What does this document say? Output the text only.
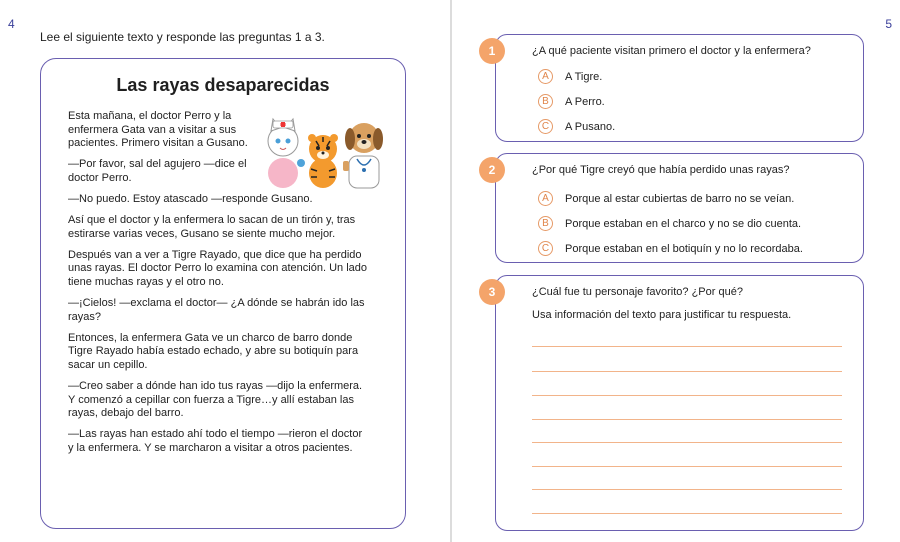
4
Lee el siguiente texto y responde las preguntas 1 a 3.
Las rayas desaparecidas

Esta mañana, el doctor Perro y la enfermera Gata van a visitar a sus pacientes. Primero visitan a Gusano.

—Por favor, sal del agujero —dice el doctor Perro.

—No puedo. Estoy atascado —responde Gusano.

Así que el doctor y la enfermera lo sacan de un tirón y, tras estirarse varias veces, Gusano se siente mucho mejor.

Después van a ver a Tigre Rayado, que dice que ha perdido unas rayas. El doctor Perro lo examina con atención. Un lado tiene muchas rayas y el otro no.

—¡Cielos! —exclama el doctor— ¿A dónde se habrán ido las rayas?

Entonces, la enfermera Gata ve un charco de barro donde Tigre Rayado había estado echado, y abre su botiquín para sacar un cepillo.

—Creo saber a dónde han ido tus rayas —dijo la enfermera. Y comenzó a cepillar con fuerza a Tigre…y allí estaban las rayas, debajo del barro.

—Las rayas han estado ahí todo el tiempo —rieron el doctor y la enfermera. Y se marcharon a visitar a otros pacientes.

5
1	¿A qué paciente visitan primero el doctor y la enfermera?
A	A Tigre.
B	A Perro.
C	A Pusano.
2	¿Por qué Tigre creyó que había perdido unas rayas?
A	Porque al estar cubiertas de barro no se veían.
B	Porque estaban en el charco y no se dio cuenta.
C	Porque estaban en el botiquín y no lo recordaba.
3	¿Cuál fue tu personaje favorito? ¿Por qué?
Usa información del texto para justificar tu respuesta.
